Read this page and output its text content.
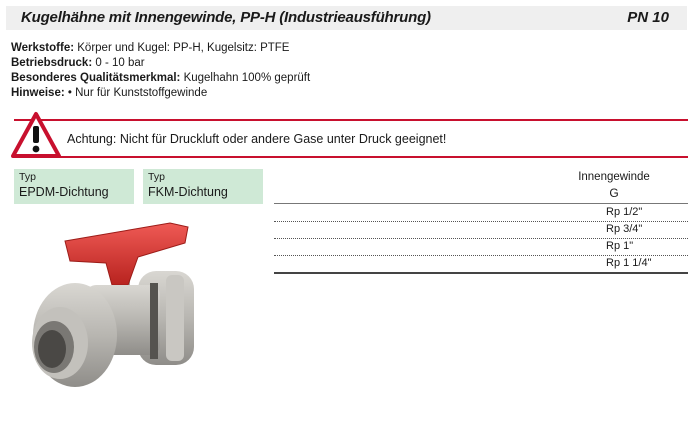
Kugelhähne mit Innengewinde, PP-H (Industrieausführung)	PN 10
Werkstoffe: Körper und Kugel: PP-H, Kugelsitz: PTFE
Betriebsdruck: 0 - 10 bar
Besonderes Qualitätsmerkmal: Kugelhahn 100% geprüft
Hinweise: • Nur für Kunststoffgewinde
Achtung: Nicht für Druckluft oder andere Gase unter Druck geeignet!
Typ
EPDM-Dichtung
Typ
FKM-Dichtung
Innengewinde
G
Rp 1/2"
Rp 3/4"
Rp 1"
Rp 1 1/4"
